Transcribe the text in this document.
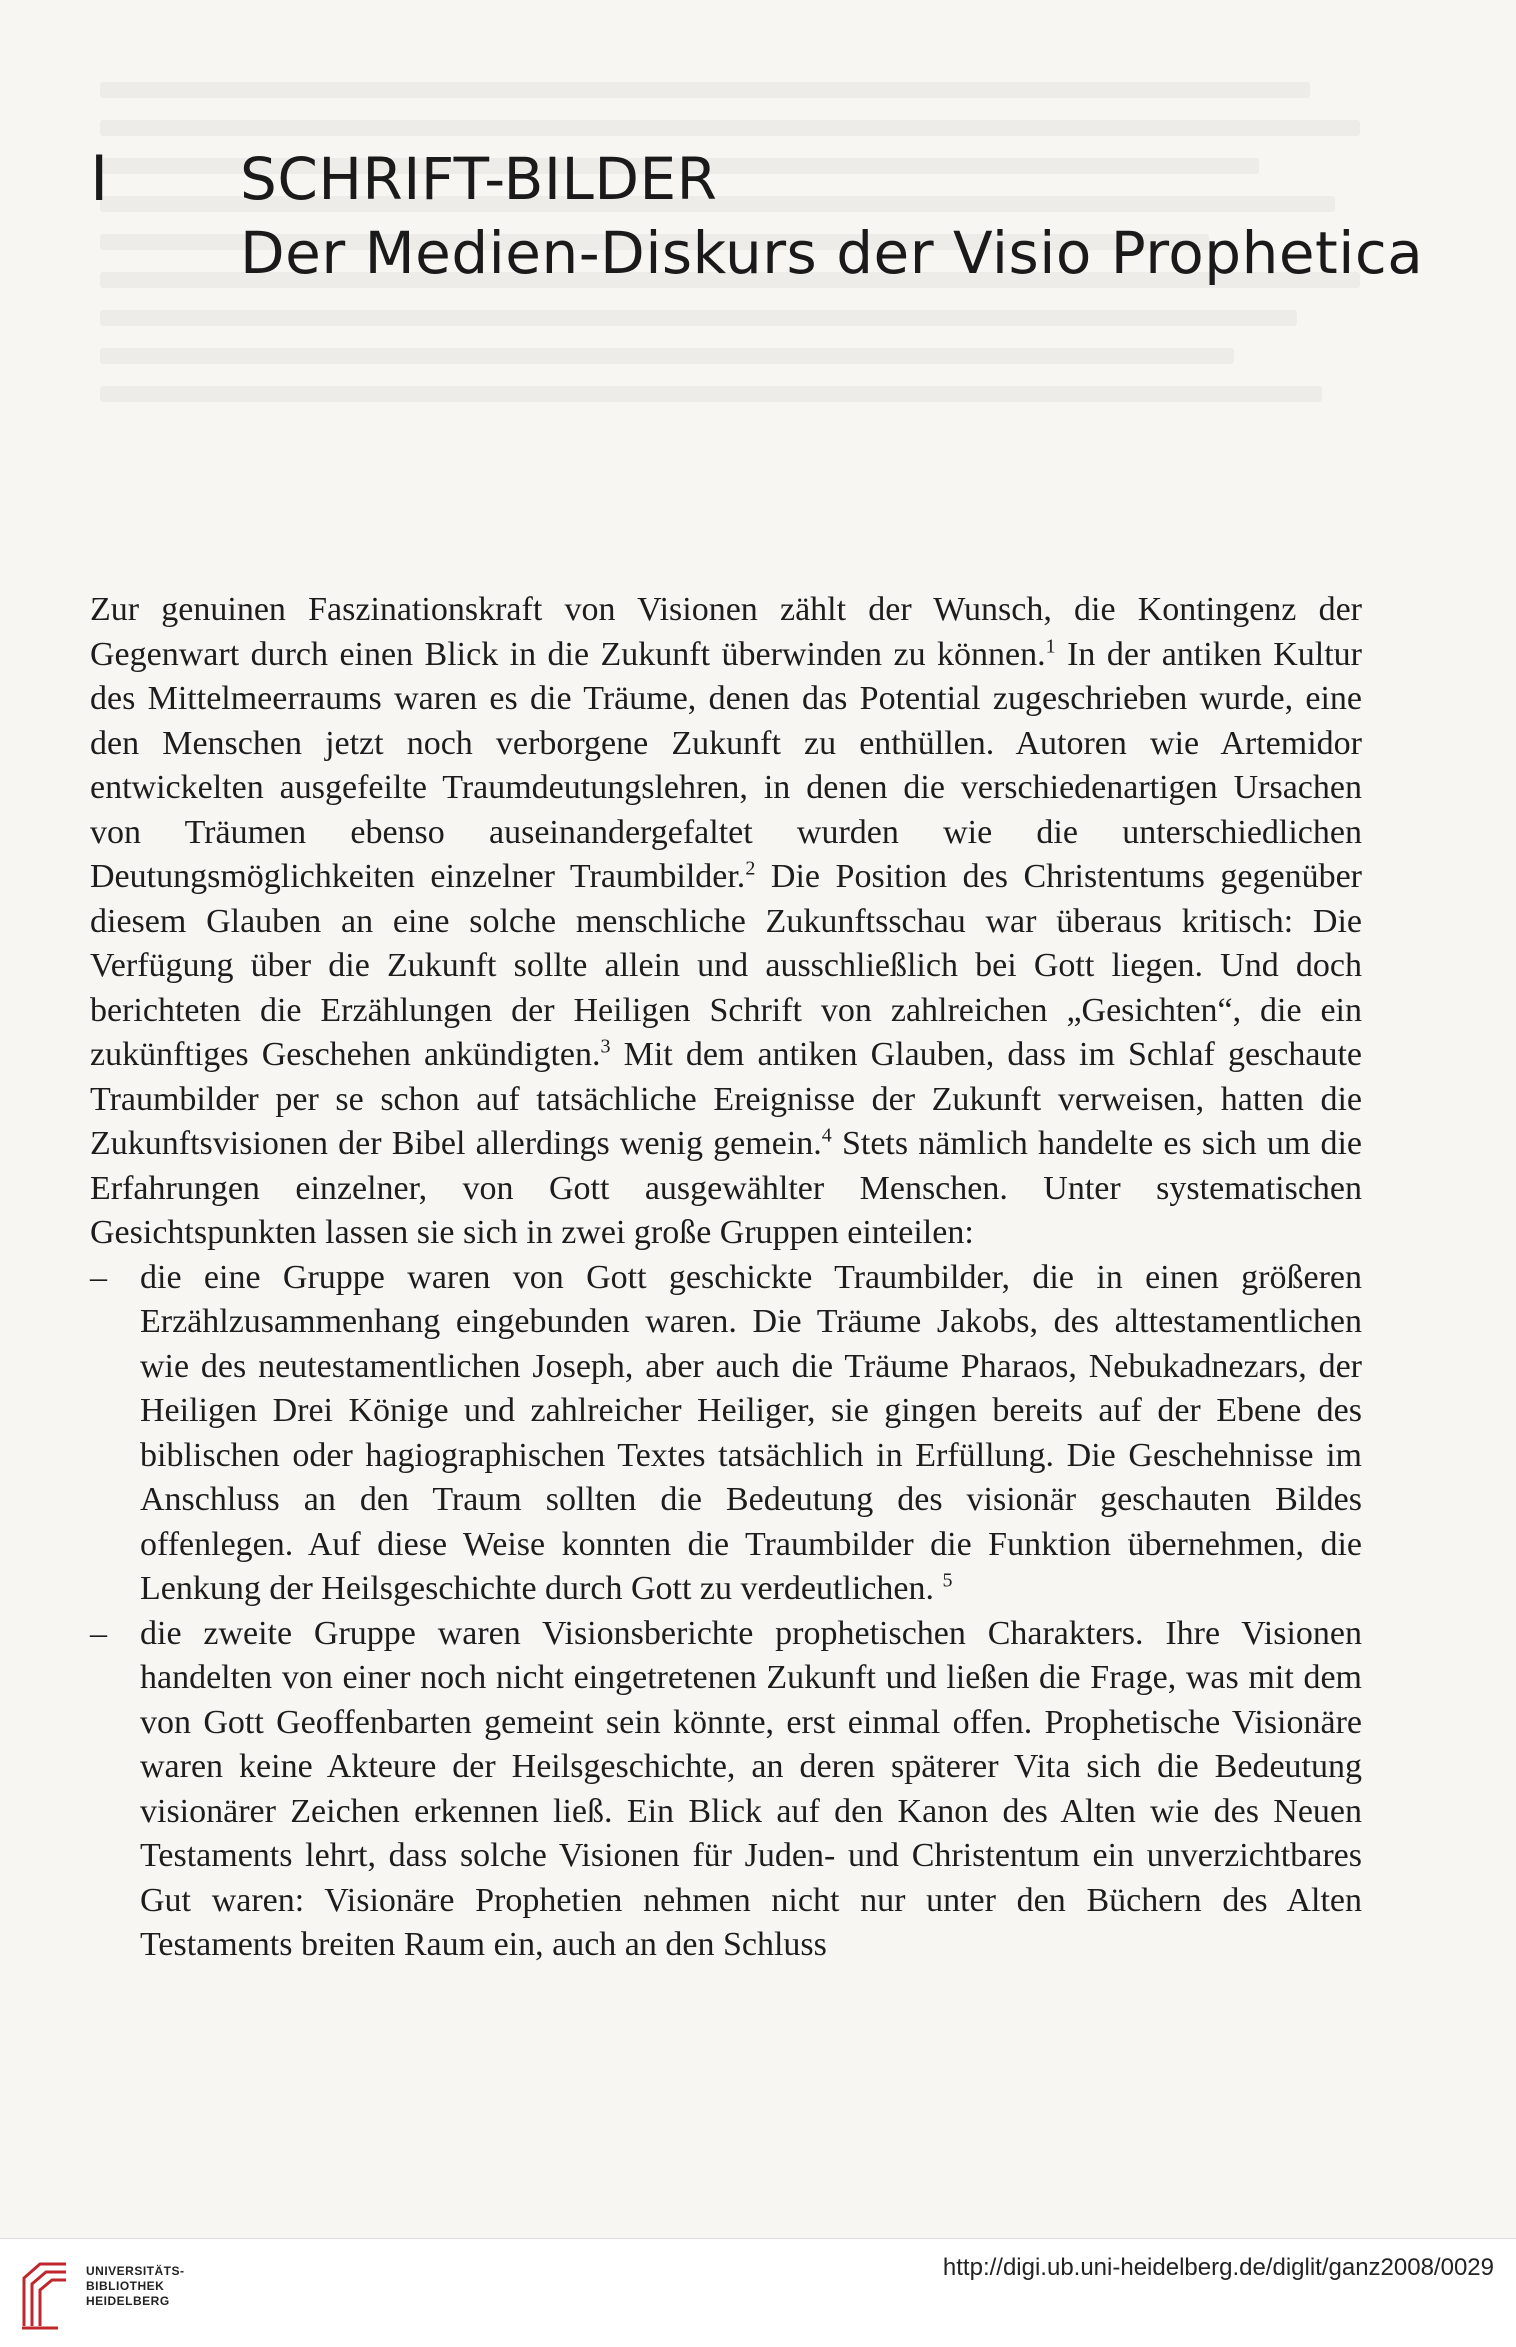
I SCHRIFT-BILDER
Der Medien-Diskurs der Visio Prophetica

Zur genuinen Faszinationskraft von Visionen zählt der Wunsch, die Kontingenz der Gegenwart durch einen Blick in die Zukunft überwinden zu können.$^1$ In der antiken Kultur des Mittelmeerraums waren es die Träume, denen das Potential zugeschrieben wurde, eine den Menschen jetzt noch verborgene Zukunft zu enthüllen. Autoren wie Artemidor entwickelten ausgefeilte Traumdeutungslehren, in denen die verschiedenartigen Ursachen von Träumen ebenso auseinandergefaltet wurden wie die unterschiedlichen Deutungsmöglichkeiten einzelner Traumbilder.$^2$ Die Position des Christentums gegenüber diesem Glauben an eine solche menschliche Zukunftsschau war überaus kritisch: Die Verfügung über die Zukunft sollte allein und ausschließlich bei Gott liegen. Und doch berichteten die Erzählungen der Heiligen Schrift von zahlreichen „Gesichten“, die ein zukünftiges Geschehen ankündigten.$^3$ Mit dem antiken Glauben, dass im Schlaf geschaute Traumbilder per se schon auf tatsächliche Ereignisse der Zukunft verweisen, hatten die Zukunftsvisionen der Bibel allerdings wenig gemein.$^4$ Stets nämlich handelte es sich um die Erfahrungen einzelner, von Gott ausgewählter Menschen. Unter systematischen Gesichtspunkten lassen sie sich in zwei große Gruppen einteilen:

– die eine Gruppe waren von Gott geschickte Traumbilder, die in einen größeren Erzählzusammenhang eingebunden waren. Die Träume Jakobs, des alttestamentlichen wie des neutestamentlichen Joseph, aber auch die Träume Pharaos, Nebukadnezars, der Heiligen Drei Könige und zahlreicher Heiliger, sie gingen bereits auf der Ebene des biblischen oder hagiographischen Textes tatsächlich in Erfüllung. Die Geschehnisse im Anschluss an den Traum sollten die Bedeutung des visionär geschauten Bildes offenlegen. Auf diese Weise konnten die Traumbilder die Funktion übernehmen, die Lenkung der Heilsgeschichte durch Gott zu verdeutlichen. $^5$
– die zweite Gruppe waren Visionsberichte prophetischen Charakters. Ihre Visionen handelten von einer noch nicht eingetretenen Zukunft und ließen die Frage, was mit dem von Gott Geoffenbarten gemeint sein könnte, erst einmal offen. Prophetische Visionäre waren keine Akteure der Heilsgeschichte, an deren späterer Vita sich die Bedeutung visionärer Zeichen erkennen ließ. Ein Blick auf den Kanon des Alten wie des Neuen Testaments lehrt, dass solche Visionen für Juden- und Christentum ein unverzichtbares Gut waren: Visionäre Prophetien nehmen nicht nur unter den Büchern des Alten Testaments breiten Raum ein, auch an den Schluss
UNIVERSITÄTS-
BIBLIOTHEK
HEIDELBERG
http://digi.ub.uni-heidelberg.de/diglit/ganz2008/0029
